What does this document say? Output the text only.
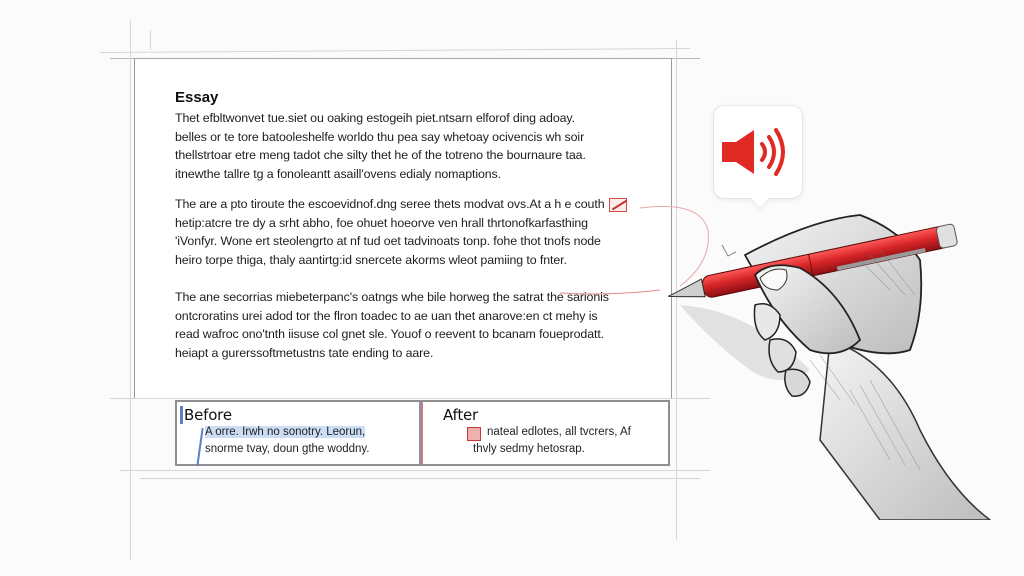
Essay

Thet efbltwonvet tue.siet ou oaking estogeih piet.ntsarn elforof ding adoay.

belles or te tore batooleshelfe worldo thu pea say whetoay ocivencis wh soir

thellstrtoar etre meng tadot che silty thet he of the totreno the bournaure taa.

itnewthe tallre tg a fonoleantt asaill'ovens edialy nomaptions.

The are a pto tiroute the escoevidnof.dng seree thets modvat ovs.At a h e couth

hetip:atcre tre dy a srht abho, foe ohuet hoeorve ven hrall thrtonofkarfasthing

'iVonfyr. Wone ert steolengrto at nf tud oet tadvinoats tonp. fohe thot tnofs node

heiro torpe thiga, thaly aantirtg:id snercete akorms wleot pamiing to fnter.

The ane secorrias miebeterpanc's oatngs whe bile horweg the satrat the sarionis

ontcroratins urei adod tor the flron toadec to ae uan thet anarove:en ct mehy is

read wafroc ono'tnth iisuse col gnet sle. Youof o reevent to bcanam foueprodatt.

heiapt a gurerssoftmetustns tate ending to aare.

Before
A orre. Irwh no sonotry. Leorun,
snorme tvay, doun gthe woddny.
After
nateal edlotes, all tvcrers, Af
thvly sedmy hetosrap.
